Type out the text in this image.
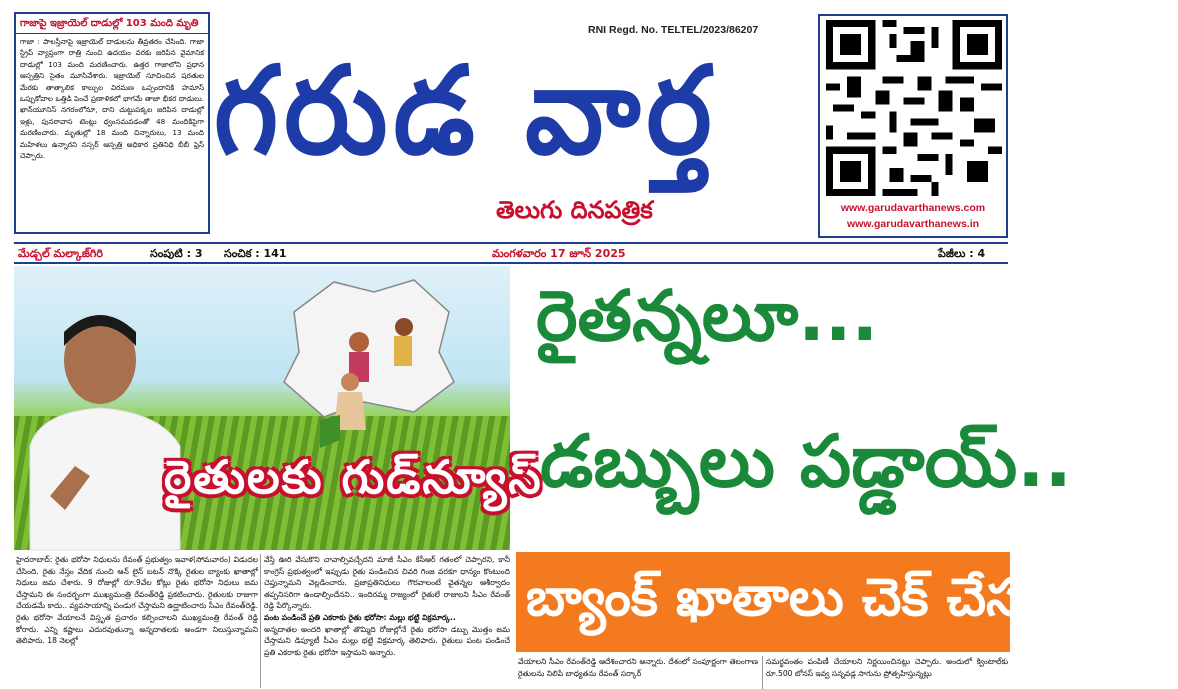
గాజాపై ఇజ్రాయెల్ దాడుల్లో 103 మంది మృతి
గాజా : పాలస్తీనాపై ఇజ్రాయెల్ దాడులను తీవ్రతరం చేసింది. గాజా స్ట్రిప్ వ్యాప్తంగా రాత్రి నుంచి ఉదయం వరకు జరిపిన వైమానిక దాడుల్లో 103 మంది మరణించారు. ఉత్తర గాజాలోని ప్రధాన ఆస్పత్రిని సైతం మూసివేశారు. ఇజ్రాయెల్ సూచించిన షరతుల మేరకు తాత్కాలిక కాల్పుల విరమణ ఒప్పందానికి హమాస్ ఒప్పుకోవాల ఒత్తిడి పెంచే ప్రణాళికలో భాగమే తాజా భీకర దాడులు. ఖాన్‌యూనిస్ నగరంలోనూ, దాని చుట్టుపక్కల జరిపిన దాడుల్లో ఇళ్లు, పునరావాస టెంట్లు ధ్వంసమవడంతో 48 మందికిపైగా మరణించారు. మృతుల్లో 18 మంది చిన్నారులు, 13 మంది మహిళలు ఉన్నారని నస్సర్ ఆస్పత్రి అధికార ప్రతినిధి బీబీ ఫ్రెస్ చెప్పారు.
RNI Regd. No. TELTEL/2023/86207
గరుడ వార్త
తెలుగు దినపత్రిక	www.garudavarthanews.com
www.garudavarthanews.in
మేడ్చల్ మల్కాజ్‌గిరి	సంపుటి : 3 సంచిక : 141	మంగళవారం 17 జూన్ 2025	పేజీలు : 4
రైతులకు గుడ్‌న్యూస్
రైతన్నలూ...
డబ్బులు పడ్డాయ్..
బ్యాంక్ ఖాతాలు చెక్ చేసుకోండి..
హైదరాబాద్: రైతు భరోసా నిధులను రేవంత్ ప్రభుత్వం ఇవాళ(సోమవారం) విడుదల చేసింది. రైతు నేస్తం వేదిక నుంచి ఆన్ లైన్ బటన్ నొక్కి రైతుల బ్యాంకు ఖాతాల్లో నిధులు జమ చేశారు. 9 రోజుల్లో రూ.9వేల కోట్లు రైతు భరోసా నిధులు జమ చేస్తామని ఈ సందర్భంగా ముఖ్యమంత్రి రేవంత్‌రెడ్డి ప్రకటించారు. రైతులకు రాజుగా చేయడమే కాదు.. వ్యవసాయాన్ని పండుగ చేస్తామని ఉద్ఘాటించారు సీఎం రేవంత్‌రెడ్డి. రైతు భరోసా వేయాలనే విస్తృత ప్రచారం కల్పించాలని ముఖ్యమంత్రి రేవంత్ రెడ్డి కోరారు. ఎన్ని కష్టాలు ఎదురవుతున్నా అన్నదాతలకు అండగా నిలుస్తున్నామని తెలిపారు. 18 నెలల్లో
వేస్తే ఊరి వేసుకొని చావాల్సివచ్చేదని మాజీ సీఎం కేసీఆర్ గతంలో చెప్పారని, కానీ కాంగ్రెస్ ప్రభుత్వంలో ఇప్పుడు రైతు పండించిన చివరి గింజ వరకూ ధాన్యం కొంటుంది చెప్తున్నామని వెల్లడించారు. ప్రజాప్రతినిధులు గౌరవాలంటే వైతన్నల ఆశీర్వాదం తప్పనిసరిగా ఉండాల్సిందేనని.. ఇందిరమ్మ రాజ్యంలో రైతులే రాజులని సీఎం రేవంత్ రెడ్డి పేర్కొన్నారు.
పంట పండించే ప్రతి ఎకరాకు రైతు భరోసా: మల్లు భట్టి విక్రమార్క..
అన్నదాతల అందరి ఖాతాల్లో తొమ్మిది రోజుల్లోనే రైతు భరోసా డబ్బు మొత్తం జమ చేస్తామని డిప్యూటీ సీఎం మల్లు భట్టి విక్రమార్క తెలిపారు. రైతులు పంట పండించే ప్రతి ఎకరాకు రైతు భరోసా ఇస్తామని అన్నారు.
వేయాలని సీఎం రేవంత్‌రెడ్డి ఆదేశించారని అన్నారు. దేశంలో సంపూర్ణంగా తెలంగాణ రైతులను నిలిపే బాధ్యతను రేవంత్ సర్కార్
సమర్థవంతం పంపిణీ చేయాలని నిర్ణయించినట్లు చెప్పారు. అందులో క్వింటాల్‌కు రూ.500 బోనస్ ఇవ్వ సన్నవడ్ల సాగును ప్రోత్సహిస్తున్నట్లు
